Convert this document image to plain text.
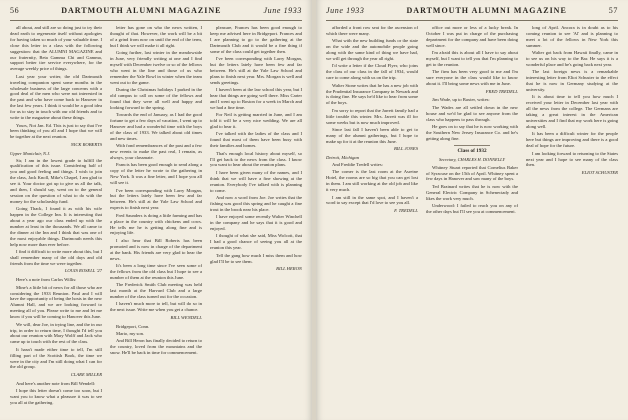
56	DARTMOUTH ALUMNI MAGAZINE	June 1933

all about, and still are so doing just to try their dead earth to regenerate itself without apologies for having taken so much of your valuable time. I close this letter in a class with the following suggestion: that the ALUMNI MAGAZINE and our fraternity, Beta Gamma Chi and Gamma, support better tire service everywhere, for the average weekly price of things.

Last year your writer, the old Dartmouth traveling companion spent some months in the wholesale business of the large concerns with a good deal of the men who were not interested in the past and who have come back to Hanover in the last few years. I think it would be a good idea for us to stay in touch with our old friends and to write to the magazine about these things.

Yours, Not Jan. Ed. This is just to say that I've been thinking of you all and I hope that we will be together at the next reunion.

NICK ROBERTS

Upper Montclair, N.J.

Sir, I am in the lowest grade to fulfill the qualification of this issue. Considering half of you and good feeling and things. I wish to join the class, Jack Knoll, Mike's Chapel, I am glad to see it. Your doctor got up to give us all the talk, and then, I should say, went on to the general session on the question of what to do with the money for the scholarship fund.

Going Thack, I found it as with his wife happen in the College Inn. It is interesting that about a year ago our class ended up with the number at least in the thousands. We all came to the dinner at the Inn and I think that was one of the most enjoyable things. Dartmouth needs this help now more than ever before.

I find it difficult to write more about this, but I shall remember many of the old days and old friends from the time we were together.

LOUIS ROSELL '27

Here's a note from Carlos Willis:

Mine's a little bit of news for all those who are considering the 1933 Reunion. Paul and I will have the opportunity of being the hosts in the new Alumni Hall, and we are looking forward to meeting all of you. Please write to me and let me know if you will be coming to Hanover this June.

We will, dear Joe, in trying line, and the in our trip, in order to return time, I thought I'd tell you about our reunion with Mary Wolff and Jack who came up to touch with the rest of the class.

It hasn't made either time to tell, I'm still filling part of the Scottish Book, the time we were in the city and I'm still doing what I can for the old group.

CLARE MILLER

And here's another note from Bill Wendell:

I hope this letter doesn't come too soon, but I want you to know what a pleasure it was to see you all at the gathering.

letter has gone on who the news written, I thought of that. However, the work will be a bit of a grind from now on until the end of the term, but I think we will make it all right.

Going further, last winter in the meadowside in June, very friendly writing at one and I find myself with December twelve or so of the fellows who went in the line and those of us who remember the Yale Bowl in winter when the team went out to the game.

During the Christmas holidays I parked in the old campus to call on some of the fellows and found that they were all well and happy and looking forward to the spring.

Towards the end of January, as I had the good fortune to get a few days of vacation, I went up to Hanover and had a wonderful time with the boys of the class of 1933. We talked about old times and new times.

With fond remembrances of the past and a few new events to make the past real, I remain, as always, your classmate.

Francis has been good enough to send along a copy of the letter he wrote to the gathering in New York. It was a fine letter, and I hope you all will see it.

I've been corresponding with Larry Morgan, but the letters lately have been few and far between. He's still at the Yale Law School and expects to finish next year.

Fred Saunders is doing a little farming and has a place in the country with chickens and cows. He tells me he is getting along fine and is enjoying life.

I also hear that Bill Roberts has been promoted and is now in charge of the department at the bank. His friends are very glad to hear the news.

It's been a long time since I've seen some of the fellows from the old class but I hope to see a number of them at the reunion this June.

The Frederick Smith Club meeting was held last month at the Harvard Club and a large number of the class turned out for the occasion.

I haven't much more to tell, but will do so in the next issue. Write me when you get a chance.

BILL WENDELL

Bridgeport, Conn.

Mario, my son.

And Bill Heron has finally decided to return to the country, loved from the mountains and the snow. He'll be back in time for commencement.

pleasure, Frances has been good enough to keep me advised here in Bridgeport. Frances and I are planning to go to the gathering at the Dartmouth Club and it would be a fine thing if some of the class could get together then.

I've been corresponding with Larry Morgan, but the letters lately have been few and far between. He's still at the Yale Law School and plans to finish next year. Mrs. Morgan is well and sends greetings.

I haven't been at the law school this year, but I hear that things are going well there. Miss Carter and I went up to Boston for a week in March and we had a fine time.

For Neil is getting married in June, and I am told it will be a very nice wedding. We are all glad to hear it.

I've talked with the ladies of the class and I found that most of them have been busy with their families and homes.

That's enough local history about myself, so I'll get back to the news from the class. I know you want to hear about the reunion plans.

I have been given many of the names, and I think that we will have a fine showing at the reunion. Everybody I've talked with is planning to come.

And now a word from Joe. Joe writes that the fishing was good this spring and he caught a fine trout in the brook near his place.

I have enjoyed some recently Walter Winchell in the company and he says that it is good and enjoyed.

I thought of what she said, Miss Wolcott, that I had a good chance of seeing you all at the reunion this year.

Tell the gang how much I miss them and how glad I'll be to see them.

BILL HERON

June 1933	DARTMOUTH ALUMNI MAGAZINE	57

afforded a front row seat for the ascension of which there were many.

What with the new building funds or the state on the wide and the automobile people going along with the same kind of thing we have had, we will get through the year all right.

I'd write a letter if the Cloud Flyer, who joins the class of our class in the fall of 1934, would care to come along with us on the trip.

Walter Stone writes that he has a new job with the Prudential Insurance Company in Newark and is doing fine. He says he'd like to hear from some of the boys.

I'm sorry to report that the Jarrett family had a little trouble this winter. Mrs. Jarrett was ill for some weeks but is now much improved.

Since last fall I haven't been able to get to many of the alumni gatherings, but I hope to make up for it at the reunion this June.

BILL JONES

Detroit, Michigan

And Freddie Tredell writes:

The corner is the last room at the Asreine Hotel, the rooms are so big that you can get lost in them. I am still working at the old job and like it very much.

I am still in the same spot, and I haven't a word to say except that I'd love to see you all.

F. TREDELL

office out more or less of a lucky break. In October I was put in charge of the purchasing department for the company and have been doing well since.

I'm afraid this is about all I have to say about myself, but I want to tell you that I'm planning to get to the reunion.

The firm has been very good to me and I'm sure everyone in the class would like to know about it. I'll bring some news with me in June.

FRED TREDELL

Jim Wade, up to Baxter, writes:

The Wades are all settled down in the new house and we'd be glad to see anyone from the class who happens to pass through.

He goes on to say that he is now working with the Southern New Jersey Insurance Co. and he's getting along fine.

Class of 1932

Secretary, CHARLES H. DONNELLY

Whitney Stuart reported that Cornelius Baker of Syracuse on the 15th of April. Whitney spent a few days in Hanover and saw many of the boys.

Ted Brainard writes that he is now with the General Electric Company in Schenectady and likes the work very much.

Underwood: I failed to reach you on any of the other days but I'll see you at commencement.

long of April. Ancora is in doubt as to his coming reunion to see 'Al' and is planning to meet a lot of the fellows in New York this summer.

Walter got back from Hawaii finally, came in to see us on his way to the Bar. He says it is a wonderful place and he's going back next year.

The last foreign news is a remarkable interesting letter from Eliot Schuster to the effect that he is now in Germany studying at the university.

It is about time to tell you how much I received your letter in December last year with all the news from the college. The Germans are taking a great interest in the American universities and I find that my work here is going along well.

It has been a difficult winter for the people here but things are improving and there is a good deal of hope for the future.

I am looking forward to returning to the States next year and I hope to see many of the class then.

ELIOT SCHUSTER
